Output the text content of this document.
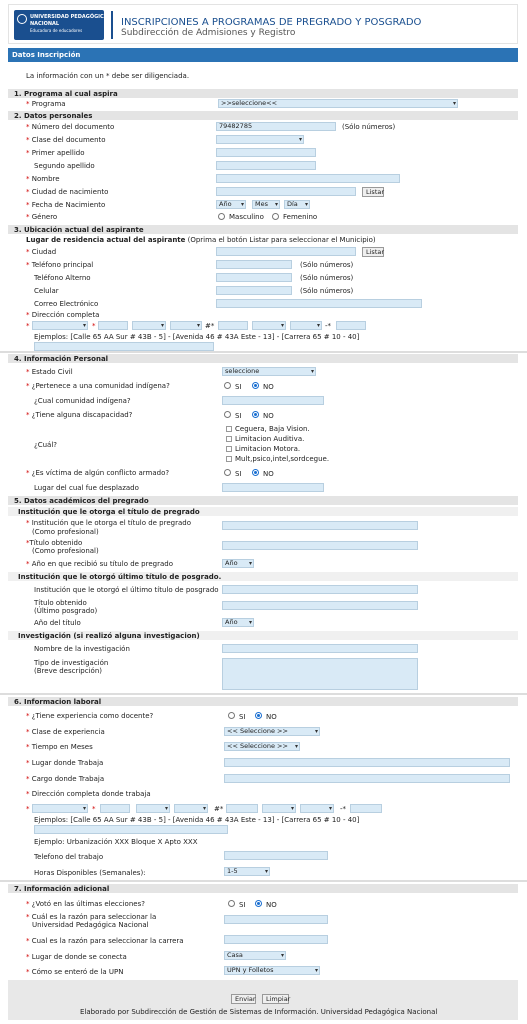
UNIVERSIDAD PEDAGÓGICA
NACIONAL
Educadora de educadores
INSCRIPCIONES A PROGRAMAS DE PREGRADO Y POSGRADO
Subdirección de Admisiones y Registro
Datos Inscripción
La información con un * debe ser diligenciada.
1. Programa al cual aspira
* Programa	>>seleccione<< ▾
2. Datos personales
* Número del documento	79482785	(Sólo números)
* Clase del documento
▾
* Primer apellido
Segundo apellido
* Nombre
* Ciudad de nacimiento	Listar
* Fecha de Nacimiento	Año ▾	Mes ▾	Día ▾
* Género	Masculino	Femenino
3. Ubicación actual del aspirante
Lugar de residencia actual del aspirante (Oprima el botón Listar para seleccionar el Municipio)
* Ciudad	Listar
* Teléfono principal	(Sólo números)
Teléfono Alterno	(Sólo números)
Celular	(Sólo números)
Correo Electrónico
* Dirección completa
* ▾	* ▾ ▾	#* ▾ ▾	-*
Ejemplos: [Calle 65 AA Sur # 43B - 5] - [Avenida 46 # 43A Este - 13] - [Carrera 65 # 10 - 40]
4. Información Personal
* Estado Civil	seleccione ▾
* ¿Pertenece a una comunidad indígena?	SI	NO
¿Cual comunidad indígena?
* ¿Tiene alguna discapacidad?	SI	NO
¿Cuál?
Ceguera, Baja Vision.
Limitacion Auditiva.
Limitacion Motora.
Mult,psico,intel,sordcegue.
* ¿Es víctima de algún conflicto armado?	SI	NO
Lugar del cual fue desplazado
5. Datos académicos del pregrado
Institución que le otorga el título de pregrado
* Institución que le otorga el título de pregrado
(Como profesional)
*Título obtenido
(Como profesional)
* Año en que recibió su título de pregrado	Año ▾
Institución que le otorgó último título de posgrado.
Institución que le otorgó el último título de posgrado
Título obtenido
(Último posgrado)
Año del título	Año ▾
Investigación (si realizó alguna investigacion)
Nombre de la investigación
Tipo de investigación
(Breve descripción)
6. Informacion laboral
* ¿Tiene experiencia como docente?	SI	NO
* Clase de experiencia	<< Seleccione >> ▾
* Tiempo en Meses	<< Seleccione >> ▾
* Lugar donde Trabaja
* Cargo donde Trabaja
* Dirección completa donde trabaja
* ▾	* ▾ ▾	#* ▾ ▾	-*
Ejemplos: [Calle 65 AA Sur # 43B - 5] - [Avenida 46 # 43A Este - 13] - [Carrera 65 # 10 - 40]
Ejemplo: Urbanización XXX Bloque X Apto XXX
Telefono del trabajo
Horas Disponibles (Semanales):	1-5 ▾
7. Información adicional
* ¿Votó en las últimas elecciones?	SI	NO
* Cuál es la razón para seleccionar la
Universidad Pedagógica Nacional
* Cual es la razón para seleccionar la carrera
* Lugar de donde se conecta	Casa ▾
* Cómo se enteró de la UPN	UPN y Folletos ▾
Enviar	Limpiar
Elaborado por Subdirección de Gestión de Sistemas de Información. Universidad Pedagógica Nacional
